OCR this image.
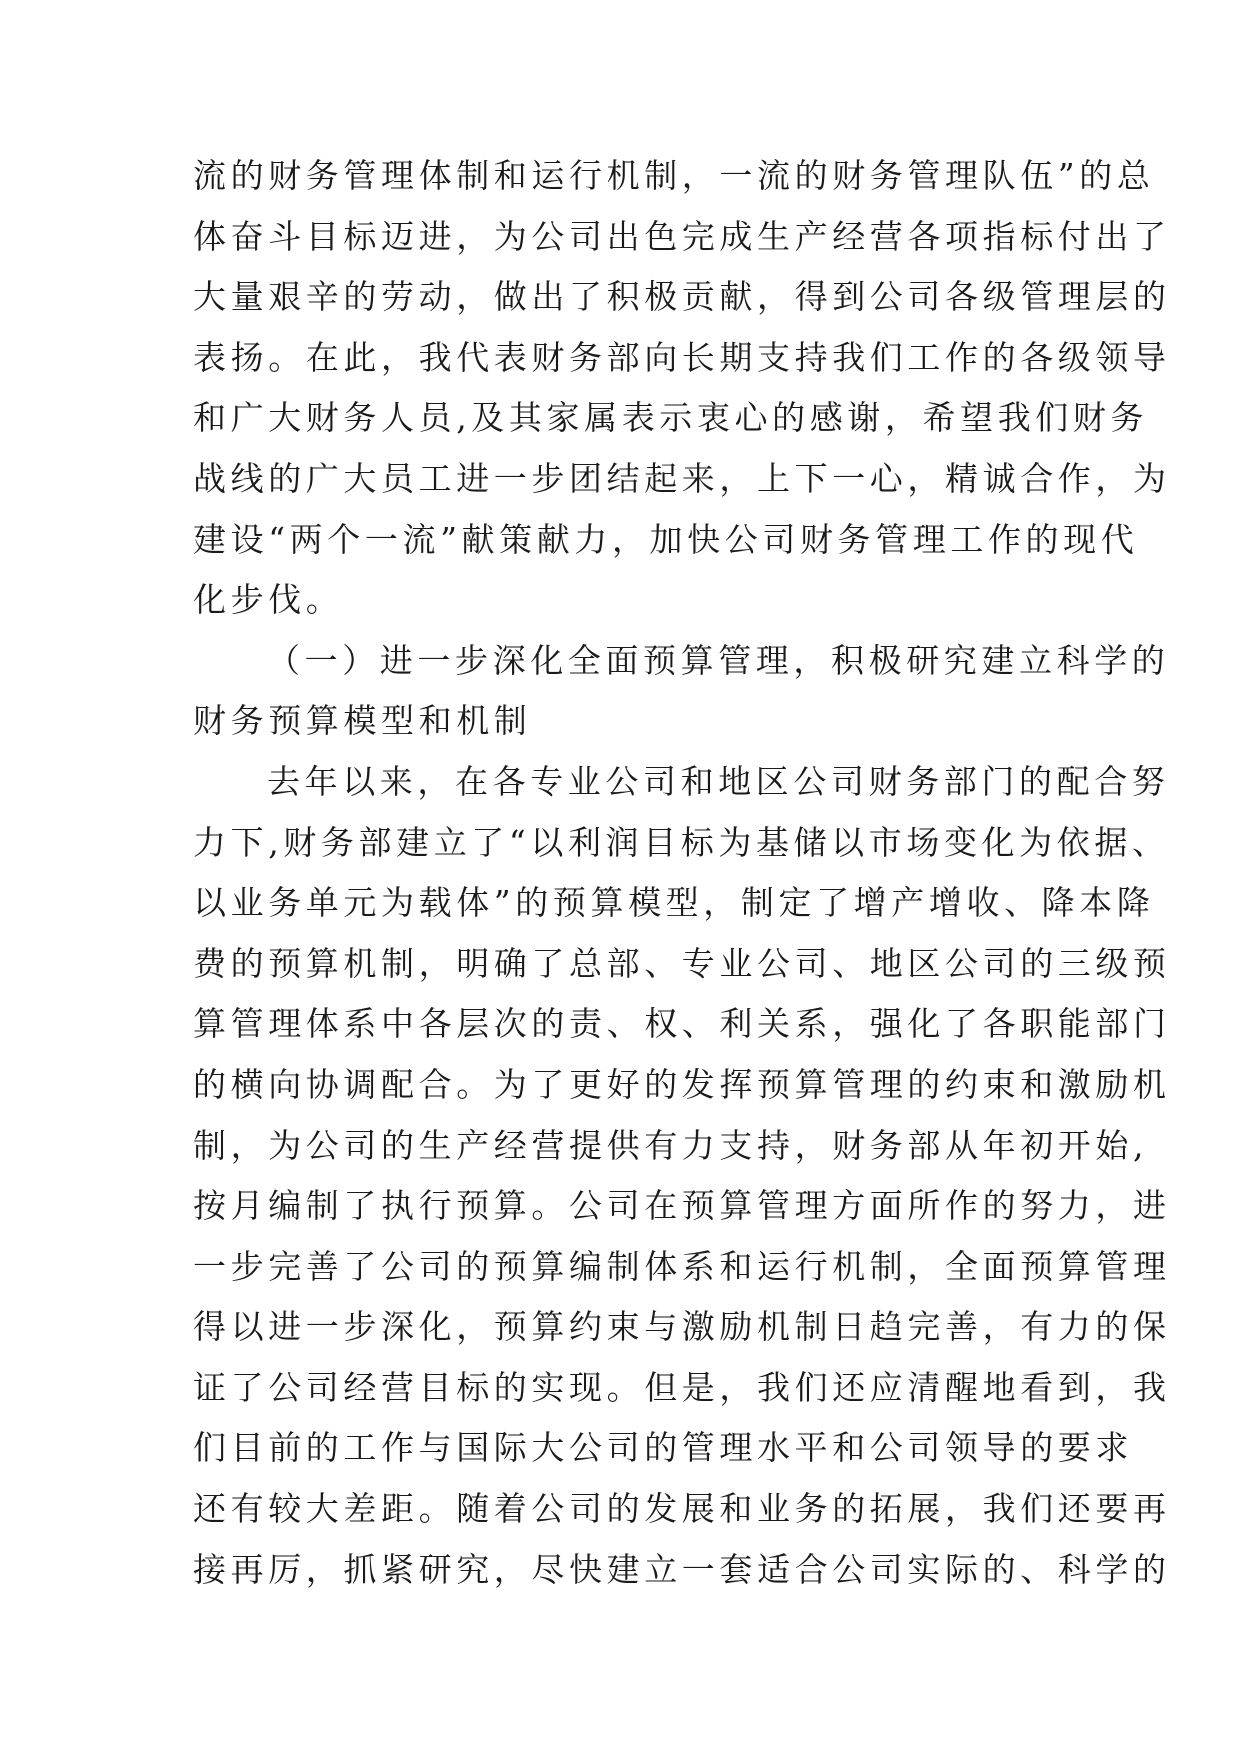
流的财务管理体制和运行机制，一流的财务管理队伍”的总
体奋斗目标迈进，为公司出色完成生产经营各项指标付出了
大量艰辛的劳动，做出了积极贡献，得到公司各级管理层的
表扬。在此，我代表财务部向长期支持我们工作的各级领导
和广大财务人员,及其家属表示衷心的感谢，希望我们财务
战线的广大员工进一步团结起来，上下一心，精诚合作，为
建设“两个一流”献策献力，加快公司财务管理工作的现代
化步伐。
（一）进一步深化全面预算管理，积极研究建立科学的
财务预算模型和机制
去年以来，在各专业公司和地区公司财务部门的配合努
力下,财务部建立了“以利润目标为基储以市场变化为依据、
以业务单元为载体”的预算模型，制定了增产增收、降本降
费的预算机制，明确了总部、专业公司、地区公司的三级预
算管理体系中各层次的责、权、利关系，强化了各职能部门
的横向协调配合。为了更好的发挥预算管理的约束和激励机
制，为公司的生产经营提供有力支持，财务部从年初开始,
按月编制了执行预算。公司在预算管理方面所作的努力，进
一步完善了公司的预算编制体系和运行机制，全面预算管理
得以进一步深化，预算约束与激励机制日趋完善，有力的保
证了公司经营目标的实现。但是，我们还应清醒地看到，我
们目前的工作与国际大公司的管理水平和公司领导的要求
还有较大差距。随着公司的发展和业务的拓展，我们还要再
接再厉，抓紧研究，尽快建立一套适合公司实际的、科学的
